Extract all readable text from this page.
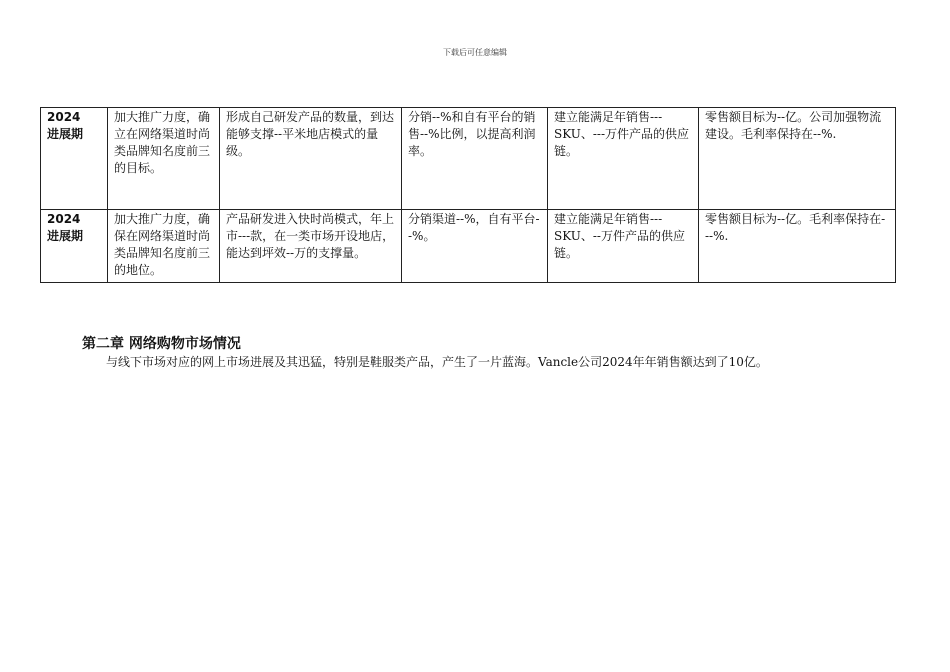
下载后可任意编辑
2024
进展期	加大推广力度，确立在网络渠道时尚类品牌知名度前三的目标。	形成自己研发产品的数量，到达能够支撑--平米地店模式的量级。	分销--%和自有平台的销售--%比例，以提高利润率。	建立能满足年销售---SKU、---万件产品的供应链。	零售额目标为--亿。公司加强物流建设。毛利率保持在--%.

2024
进展期	加大推广力度，确保在网络渠道时尚类品牌知名度前三的地位。	产品研发进入快时尚模式，年上市---款，在一类市场开设地店，能达到坪效--万的支撑量。	分销渠道--%，自有平台--%。	建立能满足年销售---SKU、--万件产品的供应链。	零售额目标为--亿。毛利率保持在---%.
第二章 网络购物市场情况

与线下市场对应的网上市场进展及其迅猛，特别是鞋服类产品，产生了一片蓝海。Vancle公司2024年年销售额达到了10亿。
